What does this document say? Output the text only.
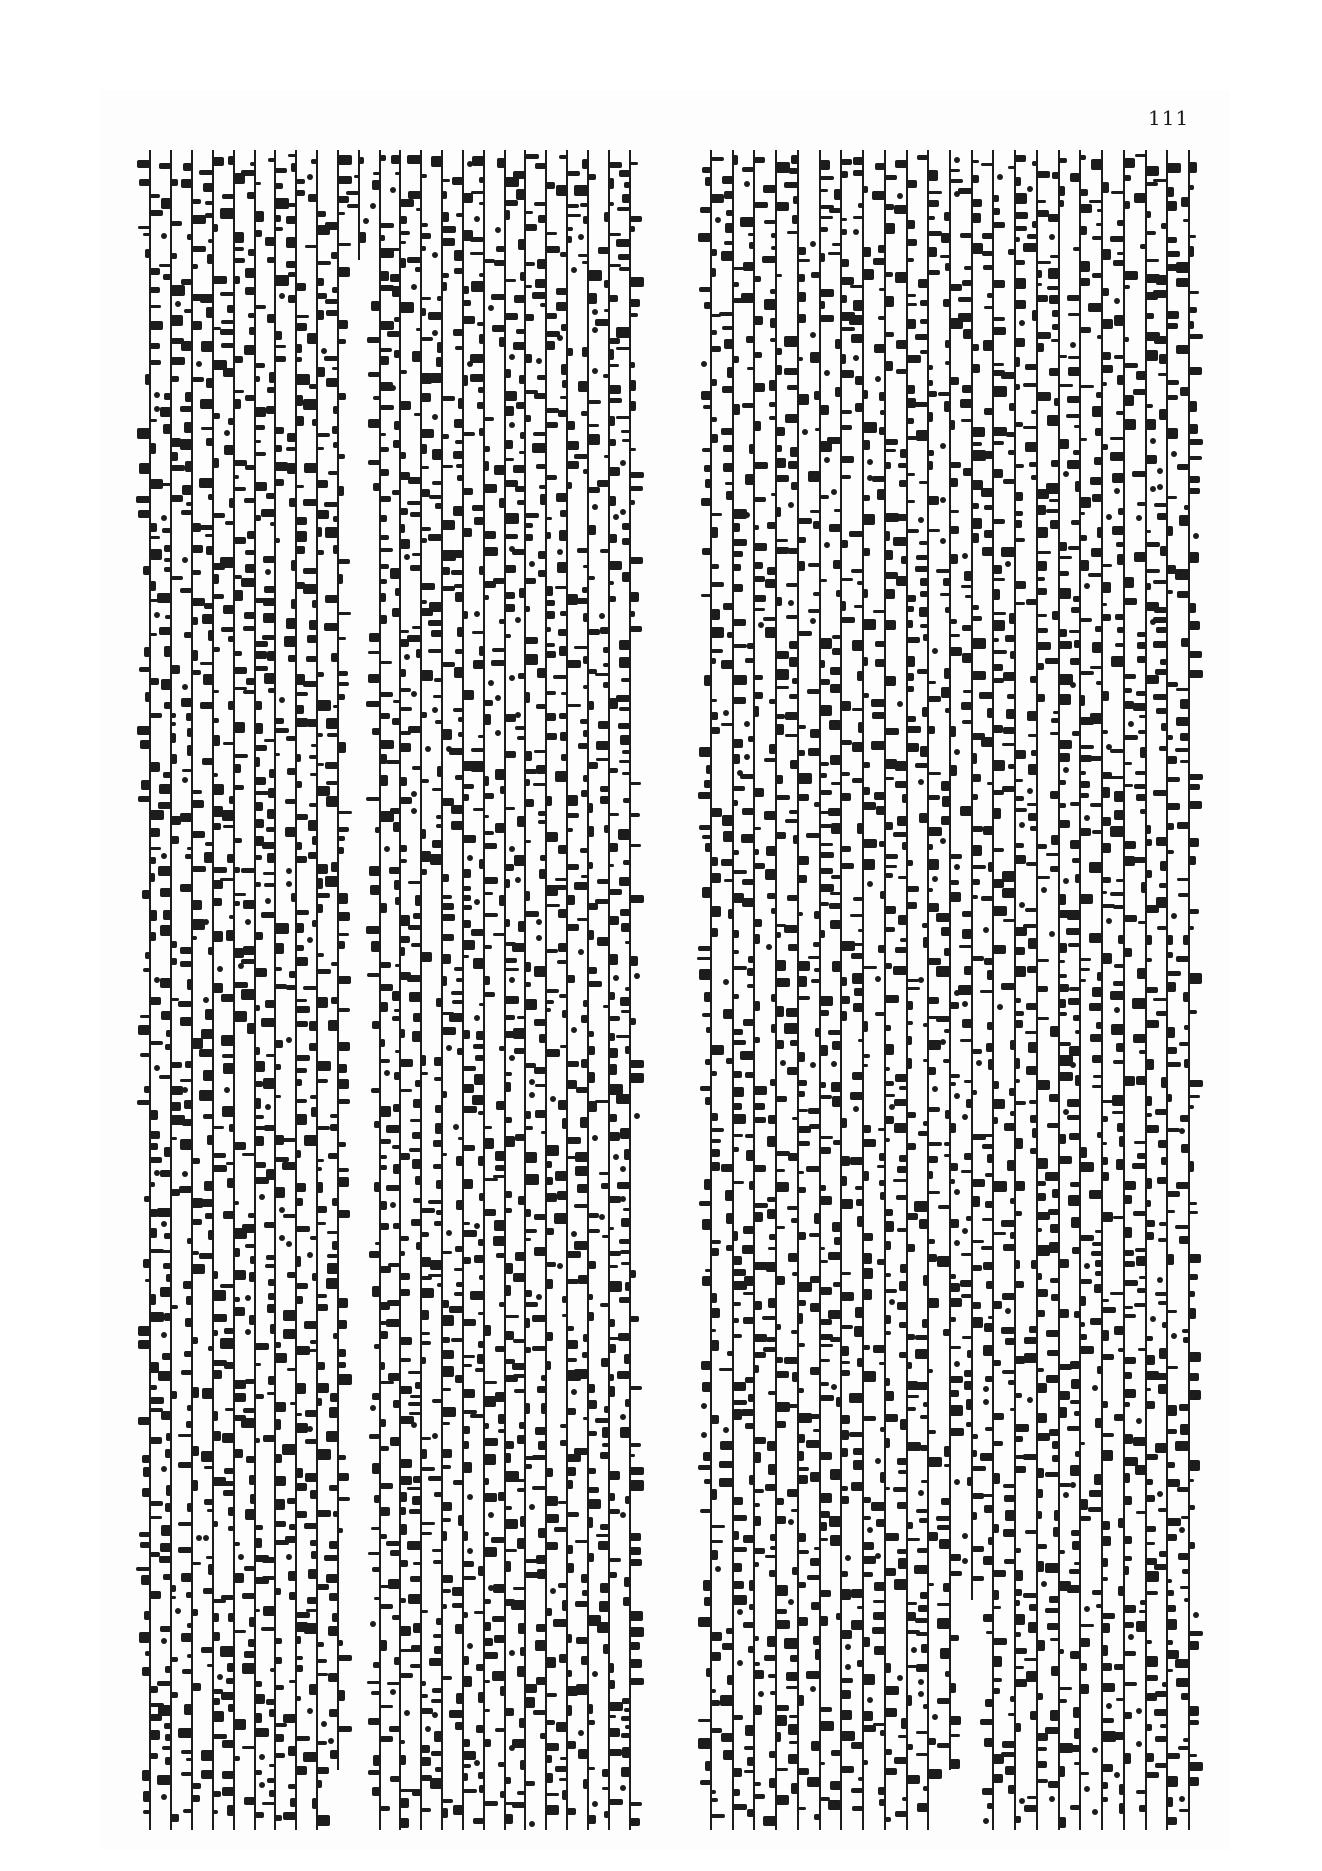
111
